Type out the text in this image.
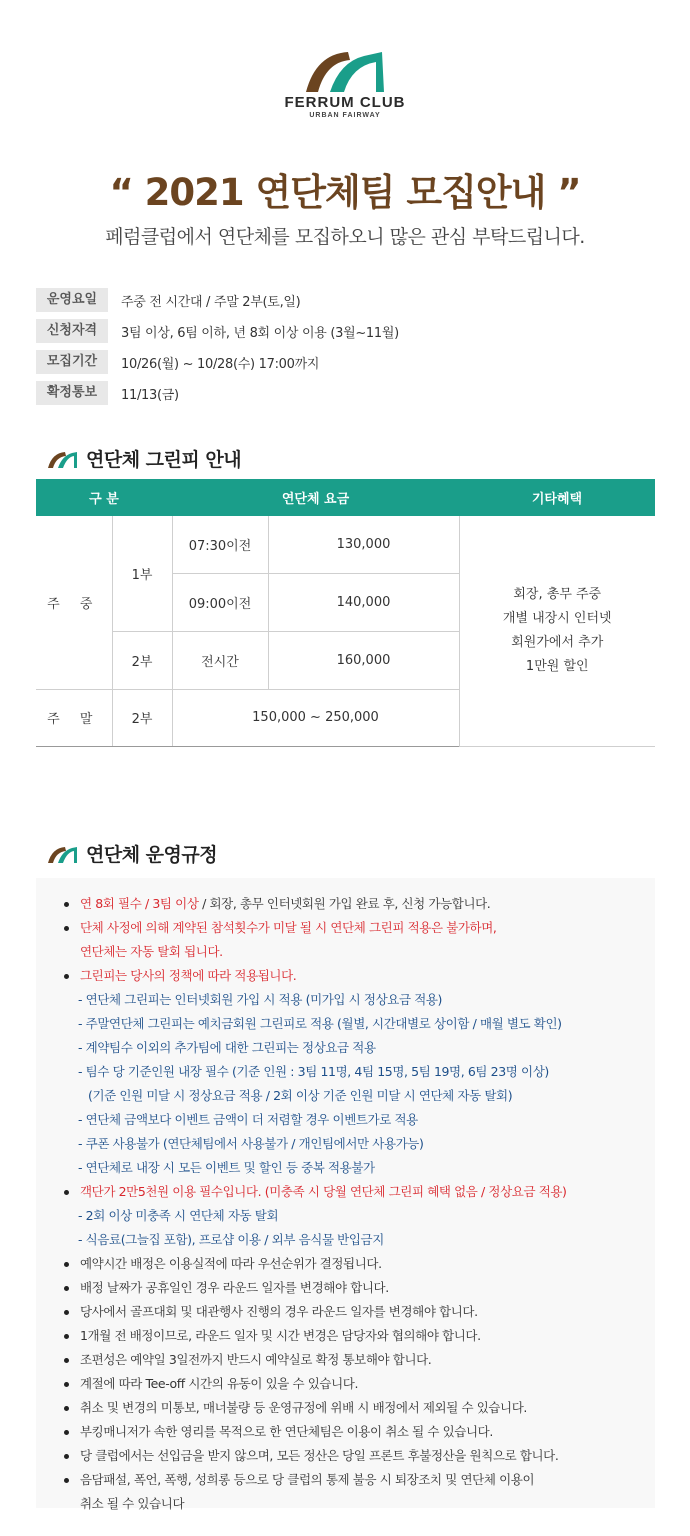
FERRUM CLUB
URBAN FAIRWAY
“ 2021 연단체팀 모집안내 ”
페럼클럽에서 연단체를 모집하오니 많은 관심 부탁드립니다.
운영요일	주중 전 시간대 / 주말 2부(토,일)
신청자격	3팀 이상, 6팀 이하, 년 8회 이상 이용 (3월~11월)
모집기간	10/26(월) ~ 10/28(수) 17:00까지
확정통보	11/13(금)
연단체 그린피 안내
구 분		연단체 요금		기타혜택
주 중	1부	07:30이전	130,000	회장, 총무 주중
개별 내장시 인터넷
회원가에서 추가
1만원 할인

		09:00이전	140,000	
	2부	전시간	160,000	
주 말	2부	150,000 ~ 250,000		
연단체 운영규정
연 8회 필수 / 3팀 이상 / 회장, 총무 인터넷회원 가입 완료 후, 신청 가능합니다.
단체 사정에 의해 계약된 참석횟수가 미달 될 시 연단체 그린피 적용은 불가하며,
연단체는 자동 탈회 됩니다.
그린피는 당사의 정책에 따라 적용됩니다.
- 연단체 그린피는 인터넷회원 가입 시 적용 (미가입 시 정상요금 적용)
- 주말연단체 그린피는 예치금회원 그린피로 적용 (월별, 시간대별로 상이함 / 매월 별도 확인)
- 계약팀수 이외의 추가팀에 대한 그린피는 정상요금 적용
- 팀수 당 기준인원 내장 필수 (기준 인원 : 3팀 11명, 4팀 15명, 5팀 19명, 6팀 23명 이상)
(기준 인원 미달 시 정상요금 적용 / 2회 이상 기준 인원 미달 시 연단체 자동 탈회)
- 연단체 금액보다 이벤트 금액이 더 저렴할 경우 이벤트가로 적용
- 쿠폰 사용불가 (연단체팀에서 사용불가 / 개인팀에서만 사용가능)
- 연단체로 내장 시 모든 이벤트 및 할인 등 중복 적용불가
객단가 2만5천원 이용 필수입니다. (미충족 시 당월 연단체 그린피 혜택 없음 / 정상요금 적용)
- 2회 이상 미충족 시 연단체 자동 탈회
- 식음료(그늘집 포함), 프로샵 이용 / 외부 음식물 반입금지
예약시간 배정은 이용실적에 따라 우선순위가 결정됩니다.
배정 날짜가 공휴일인 경우 라운드 일자를 변경해야 합니다.
당사에서 골프대회 및 대관행사 진행의 경우 라운드 일자를 변경해야 합니다.
1개월 전 배정이므로, 라운드 일자 및 시간 변경은 담당자와 협의해야 합니다.
조편성은 예약일 3일전까지 반드시 예약실로 확정 통보해야 합니다.
계절에 따라 Tee-off 시간의 유동이 있을 수 있습니다.
취소 및 변경의 미통보, 매너불량 등 운영규정에 위배 시 배정에서 제외될 수 있습니다.
부킹매니저가 속한 영리를 목적으로 한 연단체팀은 이용이 취소 될 수 있습니다.
당 클럽에서는 선입금을 받지 않으며, 모든 정산은 당일 프론트 후불정산을 원칙으로 합니다.
음담패설, 폭언, 폭행, 성희롱 등으로 당 클럽의 통제 불응 시 퇴장조치 및 연단체 이용이
취소 될 수 있습니다
